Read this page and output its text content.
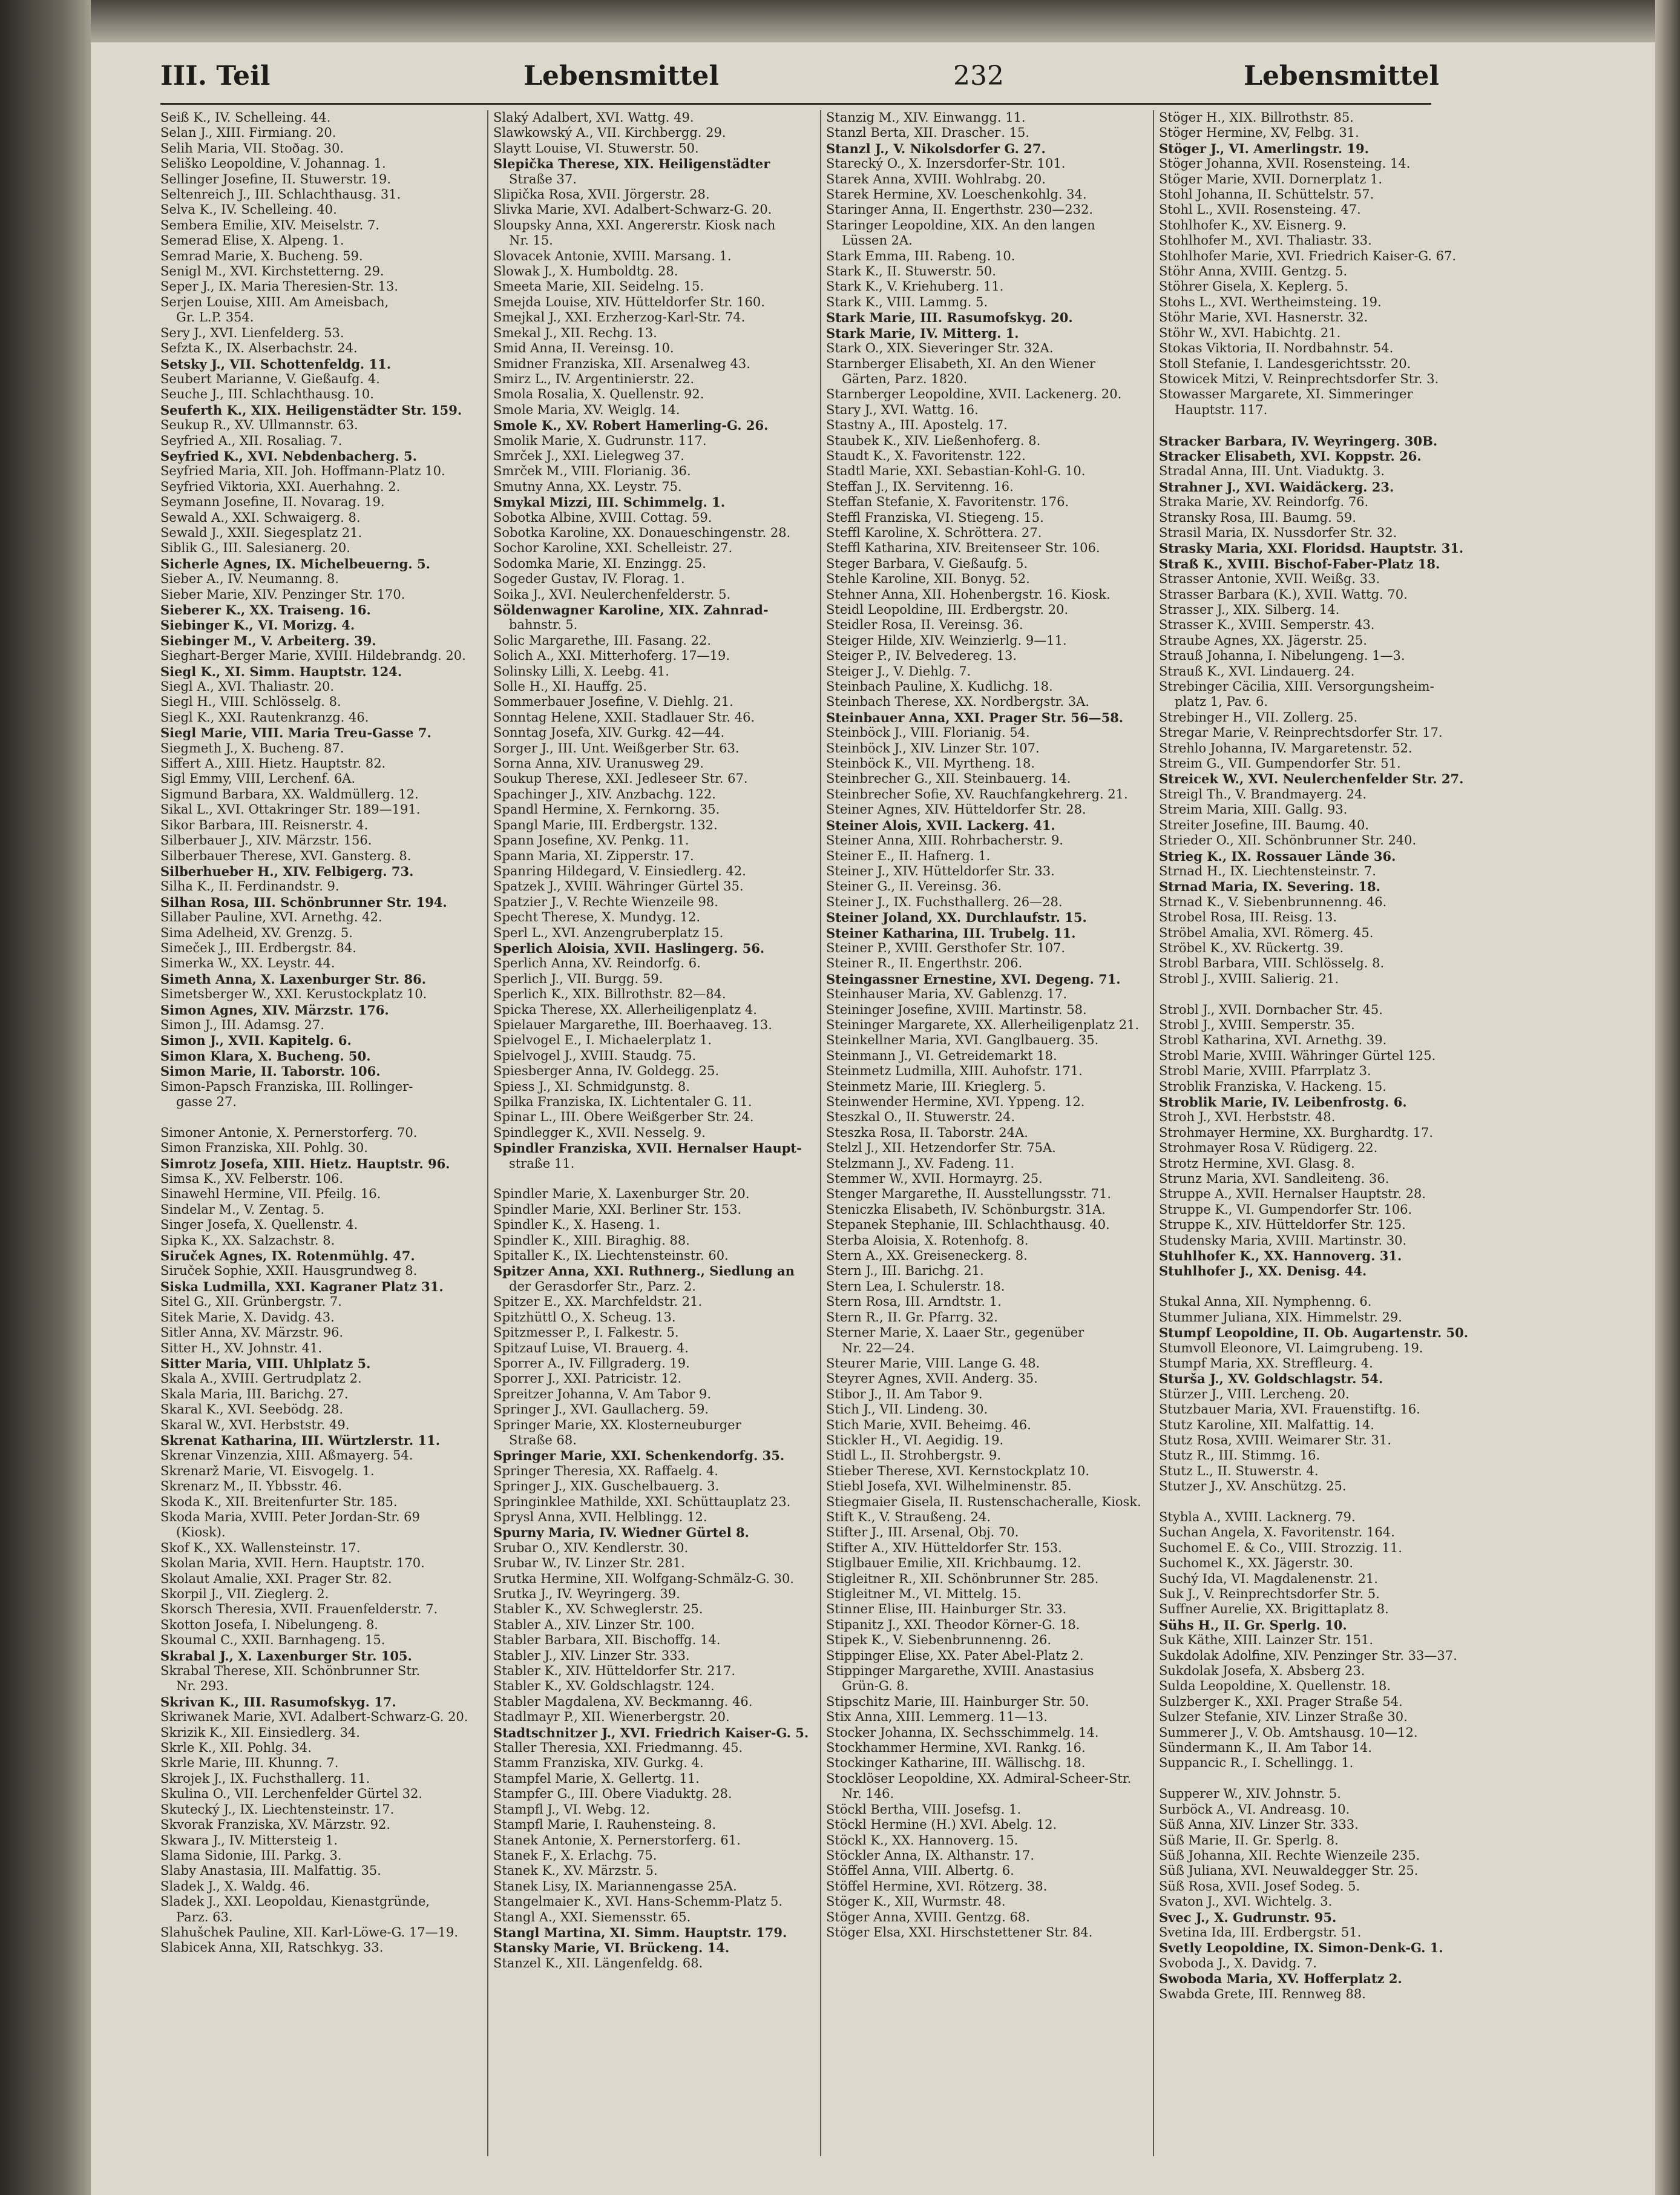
III. Teil	Lebensmittel	232	Lebensmittel
Seiß K., IV. Schelleing. 44.
Selan J., XIII. Firmiang. 20.
Selih Maria, VII. Stoðag. 30.
Seliško Leopoldine, V. Johannag. 1.
Sellinger Josefine, II. Stuwerstr. 19.
Seltenreich J., III. Schlachthausg. 31.
Selva K., IV. Schelleing. 40.
Sembera Emilie, XIV. Meiselstr. 7.
Semerad Elise, X. Alpeng. 1.
Semrad Marie, X. Bucheng. 59.
Senigl M., XVI. Kirchstetterng. 29.
Seper J., IX. Maria Theresien-Str. 13.
Serjen Louise, XIII. Am Ameisbach,
Gr. L.P. 354.
Sery J., XVI. Lienfelderg. 53.
Sefzta K., IX. Alserbachstr. 24.
Setsky J., VII. Schottenfeldg. 11.
Seubert Marianne, V. Gießaufg. 4.
Seuche J., III. Schlachthausg. 10.
Seuferth K., XIX. Heiligenstädter Str. 159.
Seukup R., XV. Ullmannstr. 63.
Seyfried A., XII. Rosaliag. 7.
Seyfried K., XVI. Nebdenbacherg. 5.
Seyfried Maria, XII. Joh. Hoffmann-Platz 10.
Seyfried Viktoria, XXI. Auerhahng. 2.
Seymann Josefine, II. Novarag. 19.
Sewald A., XXI. Schwaigerg. 8.
Sewald J., XXII. Siegesplatz 21.
Siblik G., III. Salesianerg. 20.
Sicherle Agnes, IX. Michelbeuerng. 5.
Sieber A., IV. Neumanng. 8.
Sieber Marie, XIV. Penzinger Str. 170.
Sieberer K., XX. Traiseng. 16.
Siebinger K., VI. Morizg. 4.
Siebinger M., V. Arbeiterg. 39.
Sieghart-Berger Marie, XVIII. Hildebrandg. 20.
Siegl K., XI. Simm. Hauptstr. 124.
Siegl A., XVI. Thaliastr. 20.
Siegl H., VIII. Schlösselg. 8.
Siegl K., XXI. Rautenkranzg. 46.
Siegl Marie, VIII. Maria Treu-Gasse 7.
Siegmeth J., X. Bucheng. 87.
Siffert A., XIII. Hietz. Hauptstr. 82.
Sigl Emmy, VIII, Lerchenf. 6A.
Sigmund Barbara, XX. Waldmüllerg. 12.
Sikal L., XVI. Ottakringer Str. 189—191.
Sikor Barbara, III. Reisnerstr. 4.
Silberbauer J., XIV. Märzstr. 156.
Silberbauer Therese, XVI. Gansterg. 8.
Silberhueber H., XIV. Felbigerg. 73.
Silha K., II. Ferdinandstr. 9.
Silhan Rosa, III. Schönbrunner Str. 194.
Sillaber Pauline, XVI. Arnethg. 42.
Sima Adelheid, XV. Grenzg. 5.
Simeček J., III. Erdbergstr. 84.
Simerka W., XX. Leystr. 44.
Simeth Anna, X. Laxenburger Str. 86.
Simetsberger W., XXI. Kerustockplatz 10.
Simon Agnes, XIV. Märzstr. 176.
Simon J., III. Adamsg. 27.
Simon J., XVII. Kapitelg. 6.
Simon Klara, X. Bucheng. 50.
Simon Marie, II. Taborstr. 106.
Simon-Papsch Franziska, III. Rollinger-
gasse 27.

Simoner Antonie, X. Pernerstorferg. 70.
Simon Franziska, XII. Pohlg. 30.
Simrotz Josefa, XIII. Hietz. Hauptstr. 96.
Simsa K., XV. Felberstr. 106.
Sinawehl Hermine, VII. Pfeilg. 16.
Sindelar M., V. Zentag. 5.
Singer Josefa, X. Quellenstr. 4.
Sipka K., XX. Salzachstr. 8.
Siruček Agnes, IX. Rotenmühlg. 47.
Siruček Sophie, XXII. Hausgrundweg 8.
Siska Ludmilla, XXI. Kagraner Platz 31.
Sitel G., XII. Grünbergstr. 7.
Sitek Marie, X. Davidg. 43.
Sitler Anna, XV. Märzstr. 96.
Sitter H., XV. Johnstr. 41.
Sitter Maria, VIII. Uhlplatz 5.
Skala A., XVIII. Gertrudplatz 2.
Skala Maria, III. Barichg. 27.
Skaral K., XVI. Seebödg. 28.
Skaral W., XVI. Herbststr. 49.
Skrenat Katharina, III. Würtzlerstr. 11.
Skrenar Vinzenzia, XIII. Aßmayerg. 54.
Skrenarž Marie, VI. Eisvogelg. 1.
Skrenarz M., II. Ybbsstr. 46.
Skoda K., XII. Breitenfurter Str. 185.
Skoda Maria, XVIII. Peter Jordan-Str. 69
(Kiosk).
Skof K., XX. Wallensteinstr. 17.
Skolan Maria, XVII. Hern. Hauptstr. 170.
Skolaut Amalie, XXI. Prager Str. 82.
Skorpil J., VII. Zieglerg. 2.
Skorsch Theresia, XVII. Frauenfelderstr. 7.
Skotton Josefa, I. Nibelungeng. 8.
Skoumal C., XXII. Barnhageng. 15.
Skrabal J., X. Laxenburger Str. 105.
Skrabal Therese, XII. Schönbrunner Str.
Nr. 293.
Skrivan K., III. Rasumofskyg. 17.
Skriwanek Marie, XVI. Adalbert-Schwarz-G. 20.
Skrizik K., XII. Einsiedlerg. 34.
Skrle K., XII. Pohlg. 34.
Skrle Marie, III. Khunng. 7.
Skrojek J., IX. Fuchsthallerg. 11.
Skulina O., VII. Lerchenfelder Gürtel 32.
Skutecký J., IX. Liechtensteinstr. 17.
Skvorak Franziska, XV. Märzstr. 92.
Skwara J., IV. Mittersteig 1.
Slama Sidonie, III. Parkg. 3.
Slaby Anastasia, III. Malfattig. 35.
Sladek J., X. Waldg. 46.
Sladek J., XXI. Leopoldau, Kienastgründe,
Parz. 63.
Slahušchek Pauline, XII. Karl-Löwe-G. 17—19.
Slabicek Anna, XII, Ratschkyg. 33.
Slaký Adalbert, XVI. Wattg. 49.
Slawkowský A., VII. Kirchbergg. 29.
Slaytt Louise, VI. Stuwerstr. 50.
Slepička Therese, XIX. Heiligenstädter
Straße 37.
Slipička Rosa, XVII. Jörgerstr. 28.
Slivka Marie, XVI. Adalbert-Schwarz-G. 20.
Sloupsky Anna, XXI. Angererstr. Kiosk nach
Nr. 15.
Slovacek Antonie, XVIII. Marsang. 1.
Slowak J., X. Humboldtg. 28.
Smeeta Marie, XII. Seidelng. 15.
Smejda Louise, XIV. Hütteldorfer Str. 160.
Smejkal J., XXI. Erzherzog-Karl-Str. 74.
Smekal J., XII. Rechg. 13.
Smid Anna, II. Vereinsg. 10.
Smidner Franziska, XII. Arsenalweg 43.
Smirz L., IV. Argentinierstr. 22.
Smola Rosalia, X. Quellenstr. 92.
Smole Maria, XV. Weiglg. 14.
Smole K., XV. Robert Hamerling-G. 26.
Smolik Marie, X. Gudrunstr. 117.
Smrček J., XXI. Lielegweg 37.
Smrček M., VIII. Florianig. 36.
Smutny Anna, XX. Leystr. 75.
Smykal Mizzi, III. Schimmelg. 1.
Sobotka Albine, XVIII. Cottag. 59.
Sobotka Karoline, XX. Donaueschingenstr. 28.
Sochor Karoline, XXI. Schelleistr. 27.
Sodomka Marie, XI. Enzingg. 25.
Sogeder Gustav, IV. Florag. 1.
Soika J., XVI. Neulerchenfelderstr. 5.
Söldenwagner Karoline, XIX. Zahnrad-
bahnstr. 5.
Solic Margarethe, III. Fasang. 22.
Solich A., XXI. Mitterhoferg. 17—19.
Solinsky Lilli, X. Leebg. 41.
Solle H., XI. Hauffg. 25.
Sommerbauer Josefine, V. Diehlg. 21.
Sonntag Helene, XXII. Stadlauer Str. 46.
Sonntag Josefa, XIV. Gurkg. 42—44.
Sorger J., III. Unt. Weißgerber Str. 63.
Sorna Anna, XIV. Uranusweg 29.
Soukup Therese, XXI. Jedleseer Str. 67.
Spachinger J., XIV. Anzbachg. 122.
Spandl Hermine, X. Fernkorng. 35.
Spangl Marie, III. Erdbergstr. 132.
Spann Josefine, XV. Penkg. 11.
Spann Maria, XI. Zipperstr. 17.
Spanring Hildegard, V. Einsiedlerg. 42.
Spatzek J., XVIII. Währinger Gürtel 35.
Spatzier J., V. Rechte Wienzeile 98.
Specht Therese, X. Mundyg. 12.
Sperl L., XVI. Anzengruberplatz 15.
Sperlich Aloisia, XVII. Haslingerg. 56.
Sperlich Anna, XV. Reindorfg. 6.
Sperlich J., VII. Burgg. 59.
Sperlich K., XIX. Billrothstr. 82—84.
Spicka Therese, XX. Allerheiligenplatz 4.
Spielauer Margarethe, III. Boerhaaveg. 13.
Spielvogel E., I. Michaelerplatz 1.
Spielvogel J., XVIII. Staudg. 75.
Spiesberger Anna, IV. Goldegg. 25.
Spiess J., XI. Schmidgunstg. 8.
Spilka Franziska, IX. Lichtentaler G. 11.
Spinar L., III. Obere Weißgerber Str. 24.
Spindlegger K., XVII. Nesselg. 9.
Spindler Franziska, XVII. Hernalser Haupt-
straße 11.

Spindler Marie, X. Laxenburger Str. 20.
Spindler Marie, XXI. Berliner Str. 153.
Spindler K., X. Haseng. 1.
Spindler K., XIII. Biraghig. 88.
Spitaller K., IX. Liechtensteinstr. 60.
Spitzer Anna, XXI. Ruthnerg., Siedlung an
der Gerasdorfer Str., Parz. 2.
Spitzer E., XX. Marchfeldstr. 21.
Spitzhüttl O., X. Scheug. 13.
Spitzmesser P., I. Falkestr. 5.
Spitzauf Luise, VI. Brauerg. 4.
Sporrer A., IV. Fillgraderg. 19.
Sporrer J., XXI. Patricistr. 12.
Spreitzer Johanna, V. Am Tabor 9.
Springer J., XVI. Gaullacherg. 59.
Springer Marie, XX. Klosterneuburger
Straße 68.
Springer Marie, XXI. Schenkendorfg. 35.
Springer Theresia, XX. Raffaelg. 4.
Springer J., XIX. Guschelbauerg. 3.
Springinklee Mathilde, XXI. Schüttauplatz 23.
Sprysl Anna, XVII. Helblingg. 12.
Spurny Maria, IV. Wiedner Gürtel 8.
Srubar O., XIV. Kendlerstr. 30.
Srubar W., IV. Linzer Str. 281.
Srutka Hermine, XII. Wolfgang-Schmälz-G. 30.
Srutka J., IV. Weyringerg. 39.
Stabler K., XV. Schweglerstr. 25.
Stabler A., XIV. Linzer Str. 100.
Stabler Barbara, XII. Bischoffg. 14.
Stabler J., XIV. Linzer Str. 333.
Stabler K., XIV. Hütteldorfer Str. 217.
Stabler K., XV. Goldschlagstr. 124.
Stabler Magdalena, XV. Beckmanng. 46.
Stadlmayr P., XII. Wienerbergstr. 20.
Stadtschnitzer J., XVI. Friedrich Kaiser-G. 5.
Staller Theresia, XXI. Friedmanng. 45.
Stamm Franziska, XIV. Gurkg. 4.
Stampfel Marie, X. Gellertg. 11.
Stampfer G., III. Obere Viaduktg. 28.
Stampfl J., VI. Webg. 12.
Stampfl Marie, I. Rauhensteing. 8.
Stanek Antonie, X. Pernerstorferg. 61.
Stanek F., X. Erlachg. 75.
Stanek K., XV. Märzstr. 5.
Stanek Lisy, IX. Mariannengasse 25A.
Stangelmaier K., XVI. Hans-Schemm-Platz 5.
Stangl A., XXI. Siemensstr. 65.
Stangl Martina, XI. Simm. Hauptstr. 179.
Stansky Marie, VI. Brückeng. 14.
Stanzel K., XII. Längenfeldg. 68.
Stanzig M., XIV. Einwangg. 11.
Stanzl Berta, XII. Draschег. 15.
Stanzl J., V. Nikolsdorfer G. 27.
Starecký O., X. Inzersdorfer-Str. 101.
Starek Anna, XVIII. Wohlrabg. 20.
Starek Hermine, XV. Loeschenkohlg. 34.
Staringer Anna, II. Engerthstr. 230—232.
Staringer Leopoldine, XIX. An den langen
Lüssen 2A.
Stark Emma, III. Rabeng. 10.
Stark K., II. Stuwerstr. 50.
Stark K., V. Kriehuberg. 11.
Stark K., VIII. Lammg. 5.
Stark Marie, III. Rasumofskyg. 20.
Stark Marie, IV. Mitterg. 1.
Stark O., XIX. Sieveringer Str. 32A.
Starnberger Elisabeth, XI. An den Wiener
Gärten, Parz. 1820.
Starnberger Leopoldine, XVII. Lackenerg. 20.
Stary J., XVI. Wattg. 16.
Stastny A., III. Apostelg. 17.
Staubek K., XIV. Ließenhoferg. 8.
Staudt K., X. Favoritenstr. 122.
Stadtl Marie, XXI. Sebastian-Kohl-G. 10.
Steffan J., IX. Servitenng. 16.
Steffan Stefanie, X. Favoritenstr. 176.
Steffl Franziska, VI. Stiegeng. 15.
Steffl Karoline, X. Schröttera. 27.
Steffl Katharina, XIV. Breitenseer Str. 106.
Steger Barbara, V. Gießaufg. 5.
Stehle Karoline, XII. Bonyg. 52.
Stehner Anna, XII. Hohenbergstr. 16. Kiosk.
Steidl Leopoldine, III. Erdbergstr. 20.
Steidler Rosa, II. Vereinsg. 36.
Steiger Hilde, XIV. Weinzierlg. 9—11.
Steiger P., IV. Belvederеg. 13.
Steiger J., V. Diehlg. 7.
Steinbach Pauline, X. Kudlichg. 18.
Steinbach Therese, XX. Nordbergstr. 3A.
Steinbauer Anna, XXI. Prager Str. 56—58.
Steinböck J., VIII. Florianig. 54.
Steinböck J., XIV. Linzer Str. 107.
Steinböck K., VII. Myrtheng. 18.
Steinbrecher G., XII. Steinbauerg. 14.
Steinbrecher Sofie, XV. Rauchfangkehrerg. 21.
Steiner Agnes, XIV. Hütteldorfer Str. 28.
Steiner Alois, XVII. Lackerg. 41.
Steiner Anna, XIII. Rohrbacherstr. 9.
Steiner E., II. Hafnerg. 1.
Steiner J., XIV. Hütteldorfer Str. 33.
Steiner G., II. Vereinsg. 36.
Steiner J., IX. Fuchsthallerg. 26—28.
Steiner Joland, XX. Durchlaufstr. 15.
Steiner Katharina, III. Trubelg. 11.
Steiner P., XVIII. Gersthofer Str. 107.
Steiner R., II. Engerthstr. 206.
Steingassner Ernestine, XVI. Degeng. 71.
Steinhauser Maria, XV. Gablenzg. 17.
Steininger Josefine, XVIII. Martinstr. 58.
Steininger Margarete, XX. Allerheiligenplatz 21.
Steinkellner Maria, XVI. Ganglbauerg. 35.
Steinmann J., VI. Getreidemarkt 18.
Steinmetz Ludmilla, XIII. Auhofstr. 171.
Steinmetz Marie, III. Krieglerg. 5.
Steinwender Hermine, XVI. Yppeng. 12.
Steszkal O., II. Stuwerstr. 24.
Steszka Rosa, II. Taborstr. 24A.
Stelzl J., XII. Hetzendorfer Str. 75A.
Stelzmann J., XV. Fadeng. 11.
Stemmer W., XVII. Hormayrg. 25.
Stenger Margarethe, II. Ausstellungsstr. 71.
Steniczka Elisabeth, IV. Schönburgstr. 31A.
Stepanek Stephanie, III. Schlachthausg. 40.
Sterba Aloisia, X. Rotenhofg. 8.
Stern A., XX. Greisenеckerg. 8.
Stern J., III. Barichg. 21.
Stern Lea, I. Schulerstr. 18.
Stern Rosa, III. Arndtstr. 1.
Stern R., II. Gr. Pfarrg. 32.
Sterner Marie, X. Laaer Str., gegenüber
Nr. 22—24.
Steurer Marie, VIII. Lange G. 48.
Steyrer Agnes, XVII. Anderg. 35.
Stibor J., II. Am Tabor 9.
Stich J., VII. Lindeng. 30.
Stich Marie, XVII. Beheimg. 46.
Stickler H., VI. Aegidig. 19.
Stidl L., II. Strohbergstr. 9.
Stieber Therese, XVI. Kernstockplatz 10.
Stiebl Josefa, XVI. Wilhelminenstr. 85.
Stiegmaier Gisela, II. Rustenschacheralle, Kiosk.
Stift K., V. Straußeng. 24.
Stifter J., III. Arsenal, Obj. 70.
Stifter A., XIV. Hütteldorfer Str. 153.
Stiglbauer Emilie, XII. Krichbaumg. 12.
Stigleitner R., XII. Schönbrunner Str. 285.
Stigleitner M., VI. Mittelg. 15.
Stinner Elise, III. Hainburger Str. 33.
Stipanitz J., XXI. Theodor Körner-G. 18.
Stipek K., V. Siebenbrunnenng. 26.
Stippinger Elise, XX. Pater Abel-Platz 2.
Stippinger Margarethe, XVIII. Anastasius
Grün-G. 8.
Stipschitz Marie, III. Hainburger Str. 50.
Stix Anna, XIII. Lemmerg. 11—13.
Stocker Johanna, IX. Sechsschimmelg. 14.
Stockhammer Hermine, XVI. Rankg. 16.
Stockinger Katharine, III. Wällischg. 18.
Stocklöser Leopoldine, XX. Admiral-Scheer-Str.
Nr. 146.
Stöckl Bertha, VIII. Josefsg. 1.
Stöckl Hermine (H.) XVI. Abelg. 12.
Stöckl K., XX. Hannoverg. 15.
Stöckler Anna, IX. Althanstr. 17.
Stöffel Anna, VIII. Albertg. 6.
Stöffel Hermine, XVI. Rötzerg. 38.
Stöger K., XII, Wurmstr. 48.
Stöger Anna, XVIII. Gentzg. 68.
Stöger Elsa, XXI. Hirschstettener Str. 84.
Stöger H., XIX. Billrothstr. 85.
Stöger Hermine, XV, Felbg. 31.
Stöger J., VI. Amerlingstr. 19.
Stöger Johanna, XVII. Rosensteing. 14.
Stöger Marie, XVII. Dornerplatz 1.
Stohl Johanna, II. Schüttelstr. 57.
Stohl L., XVII. Rosensteing. 47.
Stohlhofer K., XV. Eisnerg. 9.
Stohlhofer M., XVI. Thaliastr. 33.
Stohlhofer Marie, XVI. Friedrich Kaiser-G. 67.
Stöhr Anna, XVIII. Gentzg. 5.
Stöhrer Gisela, X. Keplerg. 5.
Stohs L., XVI. Wertheimsteing. 19.
Stöhr Marie, XVI. Hasnerstr. 32.
Stöhr W., XVI. Habichtg. 21.
Stokas Viktoria, II. Nordbahnstr. 54.
Stoll Stefanie, I. Landesgerichtsstr. 20.
Stowicek Mitzi, V. Reinprechtsdorfer Str. 3.
Stowasser Margarete, XI. Simmeringer
Hauptstr. 117.

Stracker Barbara, IV. Weyringerg. 30B.
Stracker Elisabeth, XVI. Koppstr. 26.
Stradal Anna, III. Unt. Viaduktg. 3.
Strahner J., XVI. Waidäckerg. 23.
Straka Marie, XV. Reindorfg. 76.
Stransky Rosa, III. Baumg. 59.
Strasil Maria, IX. Nussdorfer Str. 32.
Strasky Maria, XXI. Floridsd. Hauptstr. 31.
Straß K., XVIII. Bischof-Faber-Platz 18.
Strasser Antonie, XVII. Weißg. 33.
Strasser Barbara (K.), XVII. Wattg. 70.
Strasser J., XIX. Silberg. 14.
Strasser K., XVIII. Semperstr. 43.
Straube Agnes, XX. Jägerstr. 25.
Strauß Johanna, I. Nibelungeng. 1—3.
Strauß K., XVI. Lindauerg. 24.
Strebinger Cäcilia, XIII. Versorgungsheim-
platz 1, Pav. 6.
Strebinger H., VII. Zollerg. 25.
Stregar Marie, V. Reinprechtsdorfer Str. 17.
Strehlo Johanna, IV. Margaretenstr. 52.
Streim G., VII. Gumpendorfer Str. 51.
Streicek W., XVI. Neulerchenfelder Str. 27.
Streigl Th., V. Brandmayerg. 24.
Streim Maria, XIII. Gallg. 93.
Streiter Josefine, III. Baumg. 40.
Strieder O., XII. Schönbrunner Str. 240.
Strieg K., IX. Rossauer Lände 36.
Strnad H., IX. Liechtensteinstr. 7.
Strnad Maria, IX. Severing. 18.
Strnad K., V. Siebenbrunnenng. 46.
Strobel Rosa, III. Reisg. 13.
Ströbel Amalia, XVI. Römerg. 45.
Ströbel K., XV. Rückertg. 39.
Strobl Barbara, VIII. Schlösselg. 8.
Strobl J., XVIII. Salierig. 21.

Strobl J., XVII. Dornbacher Str. 45.
Strobl J., XVIII. Semperstr. 35.
Strobl Katharina, XVI. Arnethg. 39.
Strobl Marie, XVIII. Währinger Gürtel 125.
Strobl Marie, XVIII. Pfarrplatz 3.
Stroblik Franziska, V. Hackeng. 15.
Stroblik Marie, IV. Leibenfrostg. 6.
Stroh J., XVI. Herbststr. 48.
Strohmayer Hermine, XX. Burghardtg. 17.
Strohmayer Rosa V. Rüdigerg. 22.
Strotz Hermine, XVI. Glasg. 8.
Strunz Maria, XVI. Sandleiteng. 36.
Struppe A., XVII. Hernalser Hauptstr. 28.
Struppe K., VI. Gumpendorfer Str. 106.
Struppe K., XIV. Hütteldorfer Str. 125.
Studensky Maria, XVIII. Martinstr. 30.
Stuhlhofer K., XX. Hannoverg. 31.
Stuhlhofer J., XX. Denisg. 44.

Stukal Anna, XII. Nymphenng. 6.
Stummer Juliana, XIX. Himmelstr. 29.
Stumpf Leopoldine, II. Ob. Augartenstr. 50.
Stumvoll Eleonore, VI. Laimgrubeng. 19.
Stumpf Maria, XX. Streffleurg. 4.
Sturša J., XV. Goldschlagstr. 54.
Stürzer J., VIII. Lercheng. 20.
Stutzbauer Maria, XVI. Frauenstiftg. 16.
Stutz Karoline, XII. Malfattig. 14.
Stutz Rosa, XVIII. Weimarer Str. 31.
Stutz R., III. Stimmg. 16.
Stutz L., II. Stuwerstr. 4.
Stutzer J., XV. Anschützg. 25.

Stybla A., XVIII. Lacknerg. 79.
Suchan Angela, X. Favoritenstr. 164.
Suchomel E. & Co., VIII. Strozzig. 11.
Suchomel K., XX. Jägerstr. 30.
Suchý Ida, VI. Magdalenenstr. 21.
Suk J., V. Reinprechtsdorfer Str. 5.
Suffner Aurelie, XX. Brigittaplatz 8.
Sühs H., II. Gr. Sperlg. 10.
Suk Käthe, XIII. Lainzer Str. 151.
Sukdolak Adolfine, XIV. Penzinger Str. 33—37.
Sukdolak Josefa, X. Absberg 23.
Sulda Leopoldine, X. Quellenstr. 18.
Sulzberger K., XXI. Prager Straße 54.
Sulzer Stefanie, XIV. Linzer Straße 30.
Summerer J., V. Ob. Amtshausg. 10—12.
Sündermann K., II. Am Tabor 14.
Suppancic R., I. Schellingg. 1.

Supperer W., XIV. Johnstr. 5.
Surböck A., VI. Andreasg. 10.
Süß Anna, XIV. Linzer Str. 333.
Süß Marie, II. Gr. Sperlg. 8.
Süß Johanna, XII. Rechte Wienzeile 235.
Süß Juliana, XVI. Neuwaldegger Str. 25.
Süß Rosa, XVII. Josef Sodeg. 5.
Svaton J., XVI. Wichtelg. 3.
Svec J., X. Gudrunstr. 95.
Svetina Ida, III. Erdbergstr. 51.
Svetly Leopoldine, IX. Simon-Denk-G. 1.
Svoboda J., X. Davidg. 7.
Swoboda Maria, XV. Hofferplatz 2.
Swabda Grete, III. Rennweg 88.
